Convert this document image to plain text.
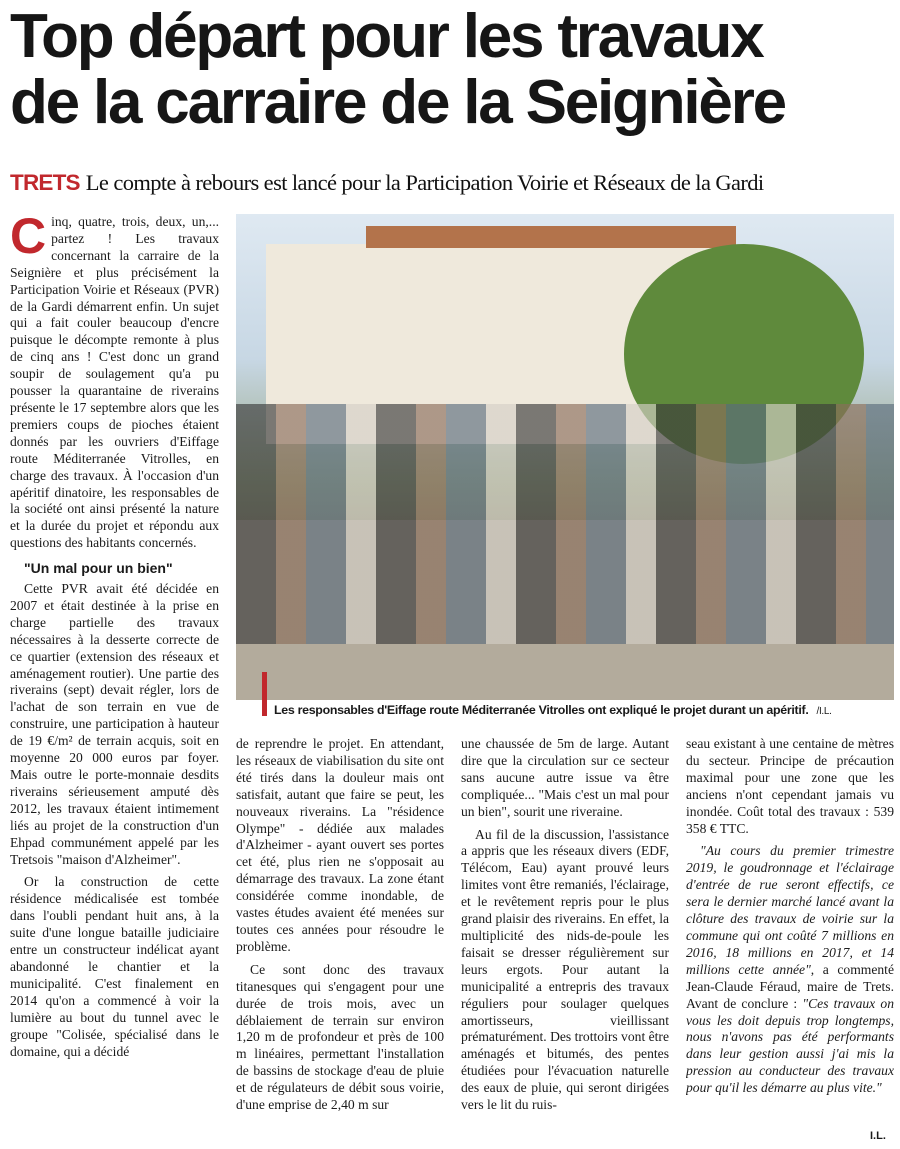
Top départ pour les travaux
de la carraire de la Seignière
TRETS Le compte à rebours est lancé pour la Participation Voirie et Réseaux de la Gardi

Cinq, quatre, trois, deux, un,... partez ! Les travaux concernant la carraire de la Seignière et plus précisément la Participation Voirie et Réseaux (PVR) de la Gardi démarrent enfin. Un sujet qui a fait couler beaucoup d'encre puisque le décompte remonte à plus de cinq ans ! C'est donc un grand soupir de soulagement qu'a pu pousser la quarantaine de riverains présente le 17 septembre alors que les premiers coups de pioches étaient donnés par les ouvriers d'Eiffage route Méditerranée Vitrolles, en charge des travaux. À l'occasion d'un apéritif dinatoire, les responsables de la société ont ainsi présenté la nature et la durée du projet et répondu aux questions des habitants concernés.

"Un mal pour un bien"

Cette PVR avait été décidée en 2007 et était destinée à la prise en charge partielle des travaux nécessaires à la desserte correcte de ce quartier (extension des réseaux et aménagement routier). Une partie des riverains (sept) devait régler, lors de l'achat de son terrain en vue de construire, une participation à hauteur de 19 €/m² de terrain acquis, soit en moyenne 20 000 euros par foyer. Mais outre le porte-monnaie desdits riverains sérieusement amputé dès 2012, les travaux étaient intimement liés au projet de la construction d'un Ehpad communément appelé par les Tretsois "maison d'Alzheimer".

Or la construction de cette résidence médicalisée est tombée dans l'oubli pendant huit ans, à la suite d'une longue bataille judiciaire entre un constructeur indélicat ayant abandonné le chantier et la municipalité. C'est finalement en 2014 qu'on a commencé à voir la lumière au bout du tunnel avec le groupe "Colisée, spécialisé dans le domaine, qui a décidé

Les responsables d'Eiffage route Méditerranée Vitrolles ont expliqué le projet durant un apéritif. /I.L.

de reprendre le projet. En attendant, les réseaux de viabilisation du site ont été tirés dans la douleur mais ont satisfait, autant que faire se peut, les nouveaux riverains. La "résidence Olympe" - dédiée aux malades d'Alzheimer - ayant ouvert ses portes cet été, plus rien ne s'opposait au démarrage des travaux. La zone étant considérée comme inondable, de vastes études avaient été menées sur toutes ces années pour résoudre le problème.

Ce sont donc des travaux titanesques qui s'engagent pour une durée de trois mois, avec un déblaiement de terrain sur environ 1,20 m de profondeur et près de 100 m linéaires, permettant l'installation de bassins de stockage d'eau de pluie et de régulateurs de débit sous voirie, d'une emprise de 2,40 m sur

une chaussée de 5m de large. Autant dire que la circulation sur ce secteur sans aucune autre issue va être compliquée... "Mais c'est un mal pour un bien", sourit une riveraine.

Au fil de la discussion, l'assistance a appris que les réseaux divers (EDF, Télécom, Eau) ayant prouvé leurs limites vont être remaniés, l'éclairage, et le revêtement repris pour le plus grand plaisir des riverains. En effet, la multiplicité des nids-de-poule les faisait se dresser régulièrement sur leurs ergots. Pour autant la municipalité a entrepris des travaux réguliers pour soulager quelques amortisseurs, vieillissant prématurément. Des trottoirs vont être aménagés et bitumés, des pentes étudiées pour l'évacuation naturelle des eaux de pluie, qui seront dirigées vers le lit du ruis-

seau existant à une centaine de mètres du secteur. Principe de précaution maximal pour une zone que les anciens n'ont cependant jamais vu inondée. Coût total des travaux : 539 358 € TTC.

"Au cours du premier trimestre 2019, le goudronnage et l'éclairage d'entrée de rue seront effectifs, ce sera le dernier marché lancé avant la clôture des travaux de voirie sur la commune qui ont coûté 7 millions en 2016, 18 millions en 2017, et 14 millions cette année", a commenté Jean-Claude Féraud, maire de Trets. Avant de conclure : "Ces travaux on vous les doit depuis trop longtemps, nous n'avons pas été performants dans leur gestion aussi j'ai mis la pression au conducteur des travaux pour qu'il les démarre au plus vite."

I.L.
